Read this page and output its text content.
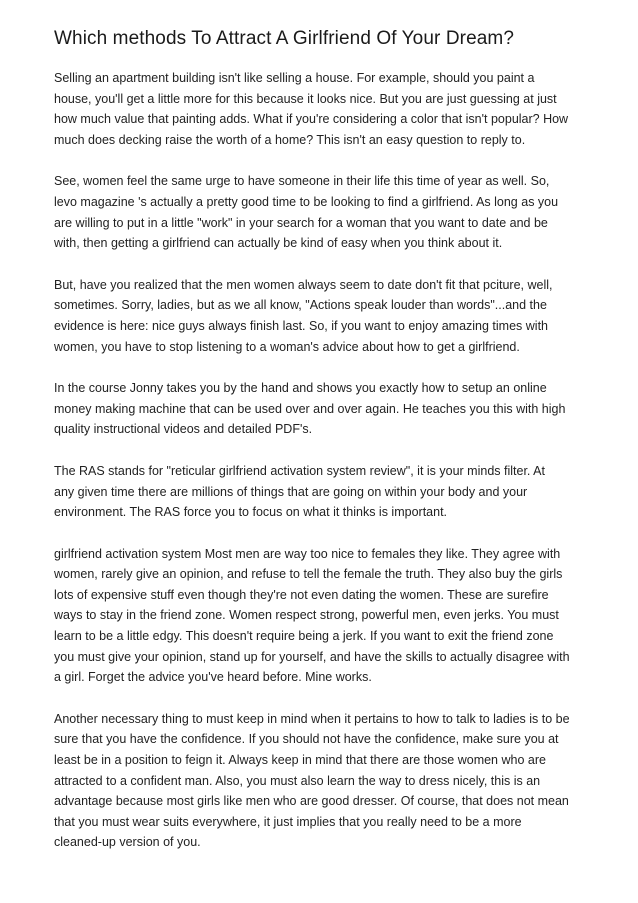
Which methods To Attract A Girlfriend Of Your Dream?

Selling an apartment building isn't like selling a house. For example, should you paint a
house, you'll get a little more for this because it looks nice. But you are just guessing at just
how much value that painting adds. What if you're considering a color that isn't popular? How
much does decking raise the worth of a home? This isn't an easy question to reply to.

See, women feel the same urge to have someone in their life this time of year as well. So,
levo magazine 's actually a pretty good time to be looking to find a girlfriend. As long as you
are willing to put in a little "work" in your search for a woman that you want to date and be
with, then getting a girlfriend can actually be kind of easy when you think about it.

But, have you realized that the men women always seem to date don't fit that pciture, well,
sometimes. Sorry, ladies, but as we all know, "Actions speak louder than words"...and the
evidence is here: nice guys always finish last. So, if you want to enjoy amazing times with
women, you have to stop listening to a woman's advice about how to get a girlfriend.

In the course Jonny takes you by the hand and shows you exactly how to setup an online
money making machine that can be used over and over again. He teaches you this with high
quality instructional videos and detailed PDF's.

The RAS stands for "reticular girlfriend activation system review", it is your minds filter. At
any given time there are millions of things that are going on within your body and your
environment. The RAS force you to focus on what it thinks is important.

girlfriend activation system Most men are way too nice to females they like. They agree with
women, rarely give an opinion, and refuse to tell the female the truth. They also buy the girls
lots of expensive stuff even though they're not even dating the women. These are surefire
ways to stay in the friend zone. Women respect strong, powerful men, even jerks. You must
learn to be a little edgy. This doesn't require being a jerk. If you want to exit the friend zone
you must give your opinion, stand up for yourself, and have the skills to actually disagree with
a girl. Forget the advice you've heard before. Mine works.

Another necessary thing to must keep in mind when it pertains to how to talk to ladies is to be
sure that you have the confidence. If you should not have the confidence, make sure you at
least be in a position to feign it. Always keep in mind that there are those women who are
attracted to a confident man. Also, you must also learn the way to dress nicely, this is an
advantage because most girls like men who are good dresser. Of course, that does not mean
that you must wear suits everywhere, it just implies that you really need to be a more
cleaned-up version of you.
